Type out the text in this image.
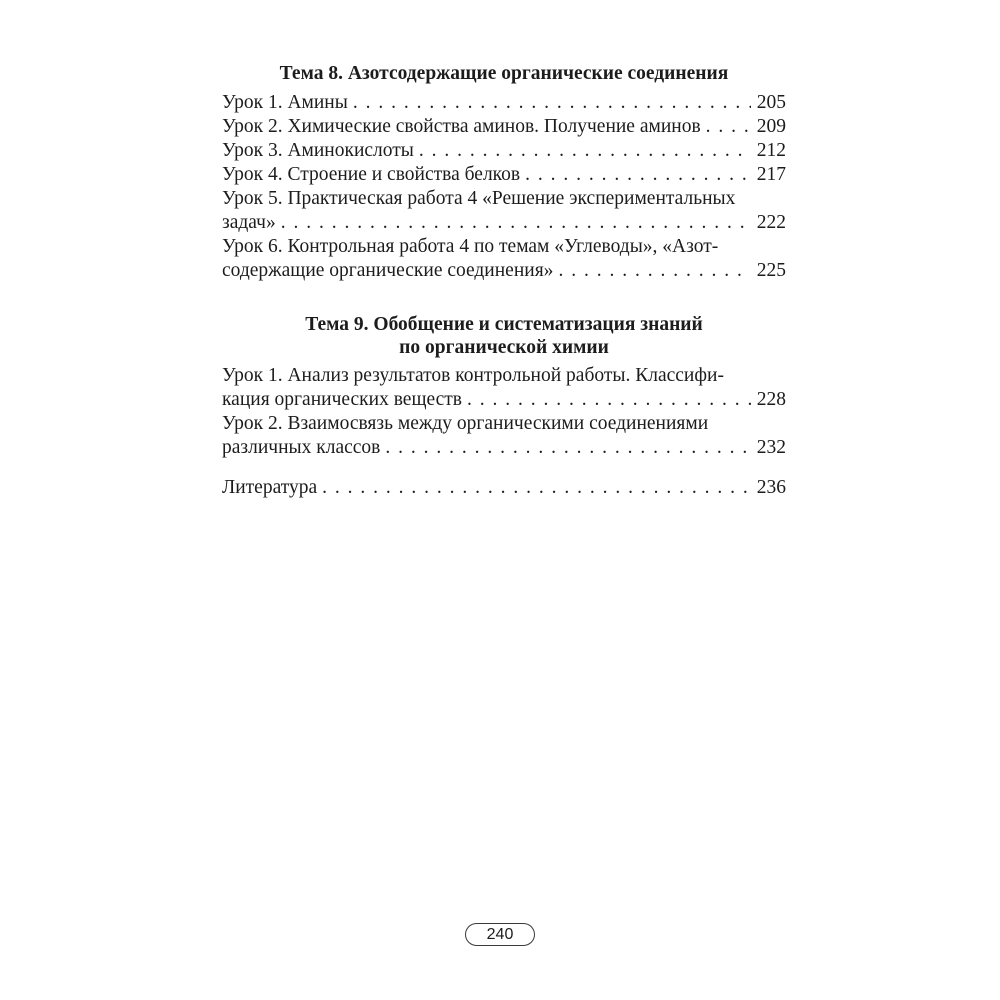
Тема 8. Азотсодержащие органические соединения
Урок 1. Амины . . .	205
Урок 2. Химические свойства аминов. Получение аминов . . .	209
Урок 3. Аминокислоты . . .	212
Урок 4. Строение и свойства белков . . .	217
Урок 5. Практическая работа 4 «Решение экспериментальных
задач» . . .	222
Урок 6. Контрольная работа 4 по темам «Углеводы», «Азот-
содержащие органические соединения» . . .	225
Тема 9. Обобщение и систематизация знаний
по органической химии
Урок 1. Анализ результатов контрольной работы. Классифи-
кация органических веществ . . .	228
Урок 2. Взаимосвязь между органическими соединениями
различных классов . . .	232
Литература . . .	236
240
